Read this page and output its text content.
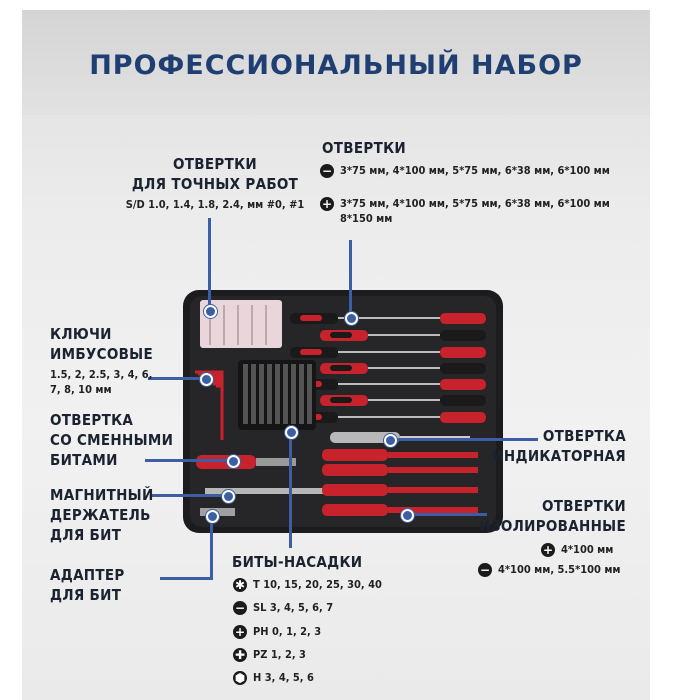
ПРОФЕССИОНАЛЬНЫЙ НАБОР
ОТВЕРТКИ
ДЛЯ ТОЧНЫХ РАБОТ
S/D 1.0, 1.4, 1.8, 2.4, мм #0, #1
ОТВЕРТКИ
− 3*75 мм, 4*100 мм, 5*75 мм, 6*38 мм, 6*100 мм
+ 3*75 мм, 4*100 мм, 5*75 мм, 6*38 мм, 6*100 мм
8*150 мм
КЛЮЧИ
ИМБУСОВЫЕ
1.5, 2, 2.5, 3, 4, 6,
7, 8, 10 мм
ОТВЕРТКА
СО СМЕННЫМИ
БИТАМИ
МАГНИТНЫЙ
ДЕРЖАТЕЛЬ
ДЛЯ БИТ
АДАПТЕР
ДЛЯ БИТ
ОТВЕРТКА
ИНДИКАТОРНАЯ
ОТВЕРТКИ
ИЗОЛИРОВАННЫЕ
+ 4*100 мм
− 4*100 мм, 5.5*100 мм
БИТЫ-НАСАДКИ
✱ T 10, 15, 20, 25, 30, 40
− SL 3, 4, 5, 6, 7
+ PH 0, 1, 2, 3
✚ PZ 1, 2, 3
⬢ H 3, 4, 5, 6
